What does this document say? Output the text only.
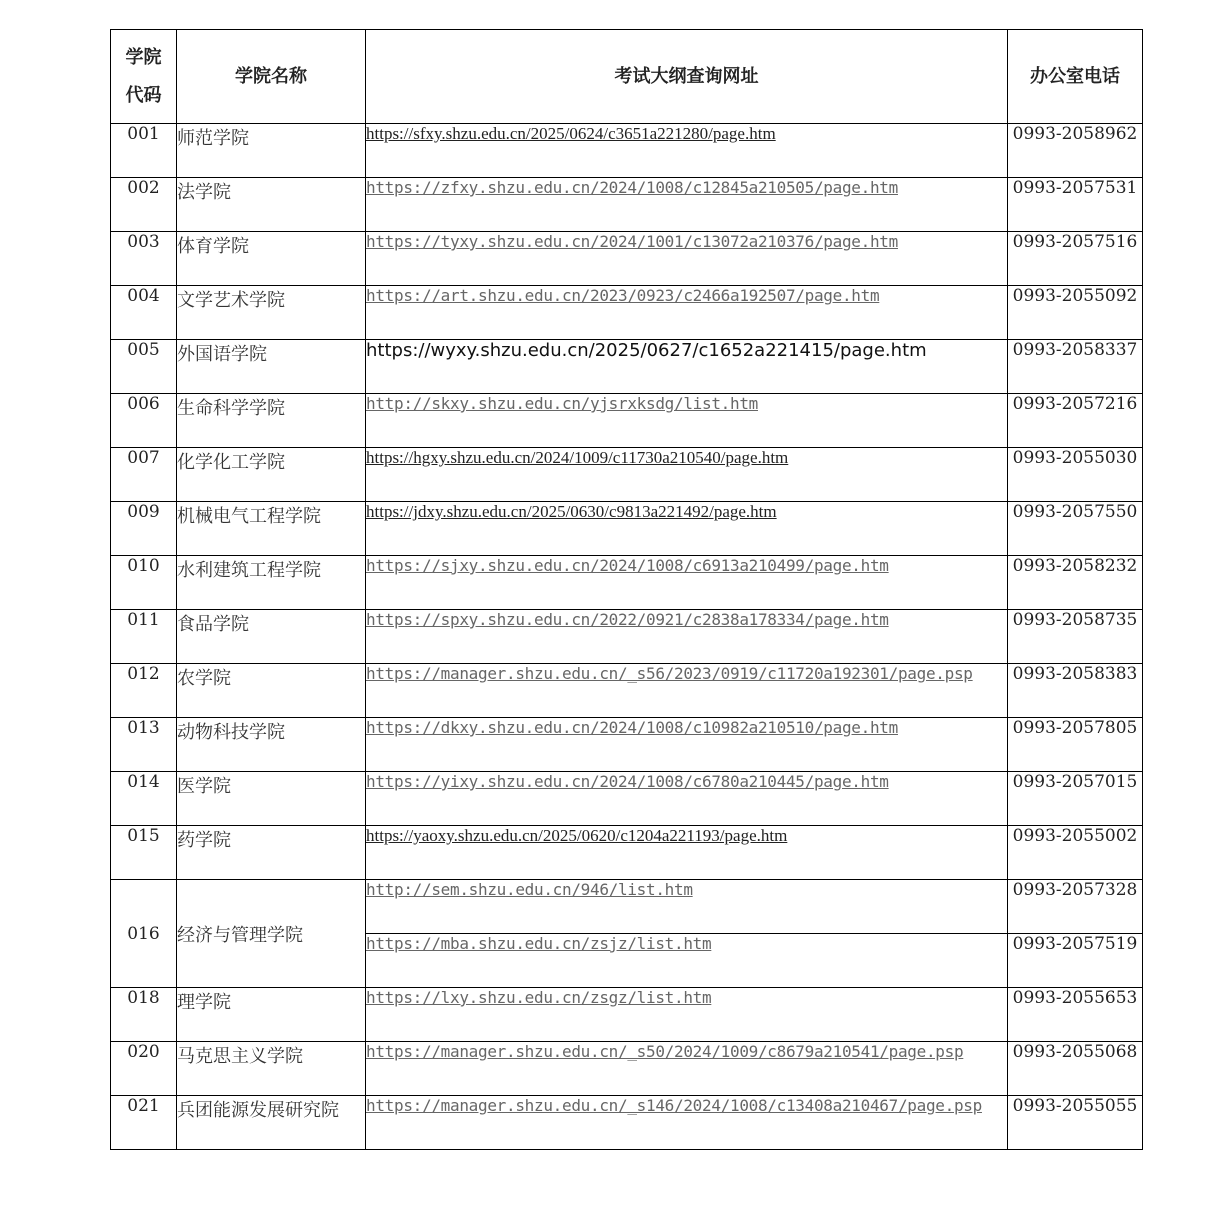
学院代码	学院名称	考试大纲查询网址	办公室电话
001	师范学院	https://sfxy.shzu.edu.cn/2025/0624/c3651a221280/page.htm	0993-2058962
002	法学院	https://zfxy.shzu.edu.cn/2024/1008/c12845a210505/page.htm	0993-2057531
003	体育学院	https://tyxy.shzu.edu.cn/2024/1001/c13072a210376/page.htm	0993-2057516
004	文学艺术学院	https://art.shzu.edu.cn/2023/0923/c2466a192507/page.htm	0993-2055092
005	外国语学院	https://wyxy.shzu.edu.cn/2025/0627/c1652a221415/page.htm	0993-2058337
006	生命科学学院	http://skxy.shzu.edu.cn/yjsrxksdg/list.htm	0993-2057216
007	化学化工学院	https://hgxy.shzu.edu.cn/2024/1009/c11730a210540/page.htm	0993-2055030
009	机械电气工程学院	https://jdxy.shzu.edu.cn/2025/0630/c9813a221492/page.htm	0993-2057550
010	水利建筑工程学院	https://sjxy.shzu.edu.cn/2024/1008/c6913a210499/page.htm	0993-2058232
011	食品学院	https://spxy.shzu.edu.cn/2022/0921/c2838a178334/page.htm	0993-2058735
012	农学院	https://manager.shzu.edu.cn/_s56/2023/0919/c11720a192301/page.psp	0993-2058383
013	动物科技学院	https://dkxy.shzu.edu.cn/2024/1008/c10982a210510/page.htm	0993-2057805
014	医学院	https://yixy.shzu.edu.cn/2024/1008/c6780a210445/page.htm	0993-2057015
015	药学院	https://yaoxy.shzu.edu.cn/2025/0620/c1204a221193/page.htm	0993-2055002
016	经济与管理学院	http://sem.shzu.edu.cn/946/list.htm	0993-2057328
		https://mba.shzu.edu.cn/zsjz/list.htm	0993-2057519
018	理学院	https://lxy.shzu.edu.cn/zsgz/list.htm	0993-2055653
020	马克思主义学院	https://manager.shzu.edu.cn/_s50/2024/1009/c8679a210541/page.psp	0993-2055068
021	兵团能源发展研究院	https://manager.shzu.edu.cn/_s146/2024/1008/c13408a210467/page.psp	0993-2055055
